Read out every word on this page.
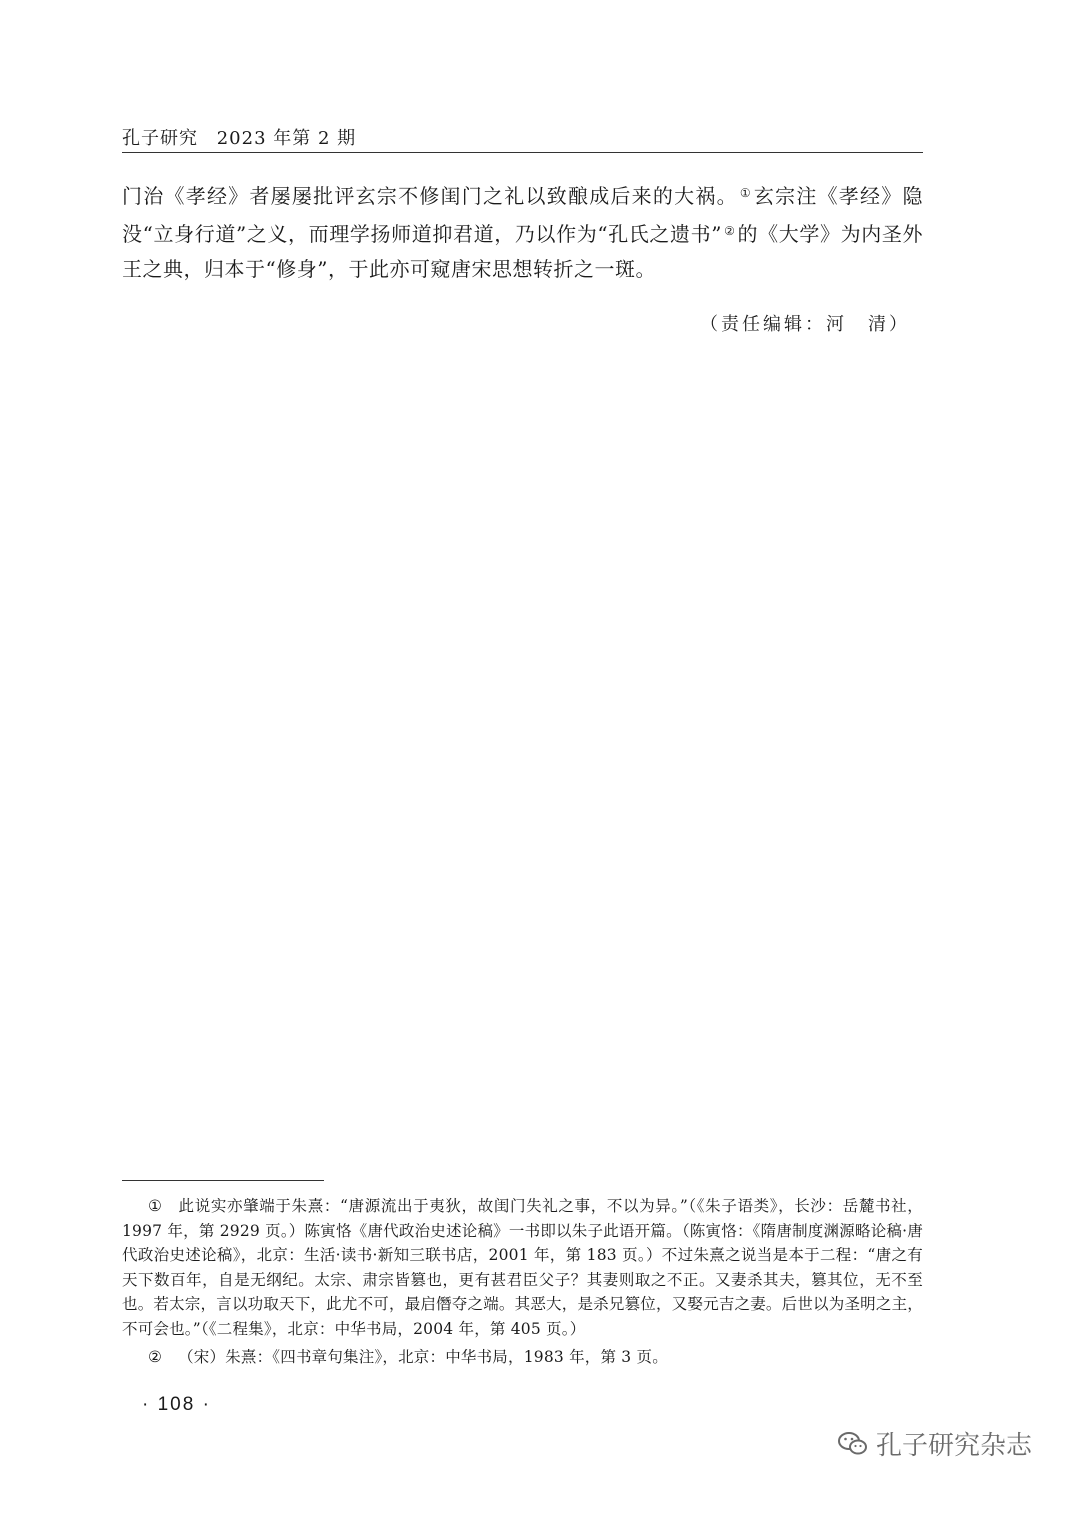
孔子研究 2023 年第 2 期

门治《孝经》者屡屡批评玄宗不修闺门之礼以致酿成后来的大祸。 ① 玄宗注《孝经》隐没“立身行道”之义，而理学扬师道抑君道，乃以作为“孔氏之遗书” ② 的《大学》为内圣外王之典，归本于“修身”，于此亦可窥唐宋思想转折之一斑。

（责任编辑：河　清）

① 此说实亦肇端于朱熹：“唐源流出于夷狄，故闺门失礼之事，不以为异。”（《朱子语类》，长沙：岳麓书社，1997 年，第 2929 页。）陈寅恪《唐代政治史述论稿》一书即以朱子此语开篇。（陈寅恪：《隋唐制度渊源略论稿·唐代政治史述论稿》，北京：生活·读书·新知三联书店，2001 年，第 183 页。）不过朱熹之说当是本于二程：“唐之有天下数百年，自是无纲纪。太宗、肃宗皆篡也，更有甚君臣父子？其妻则取之不正。又妻杀其夫，篡其位，无不至也。若太宗，言以功取天下，此尤不可，最启僭夺之端。其恶大，是杀兄篡位，又娶元吉之妻。后世以为圣明之主，不可会也。”（《二程集》，北京：中华书局，2004 年，第 405 页。）

② （宋）朱熹：《四书章句集注》，北京：中华书局，1983 年，第 3 页。

· 108 ·
孔子研究杂志
